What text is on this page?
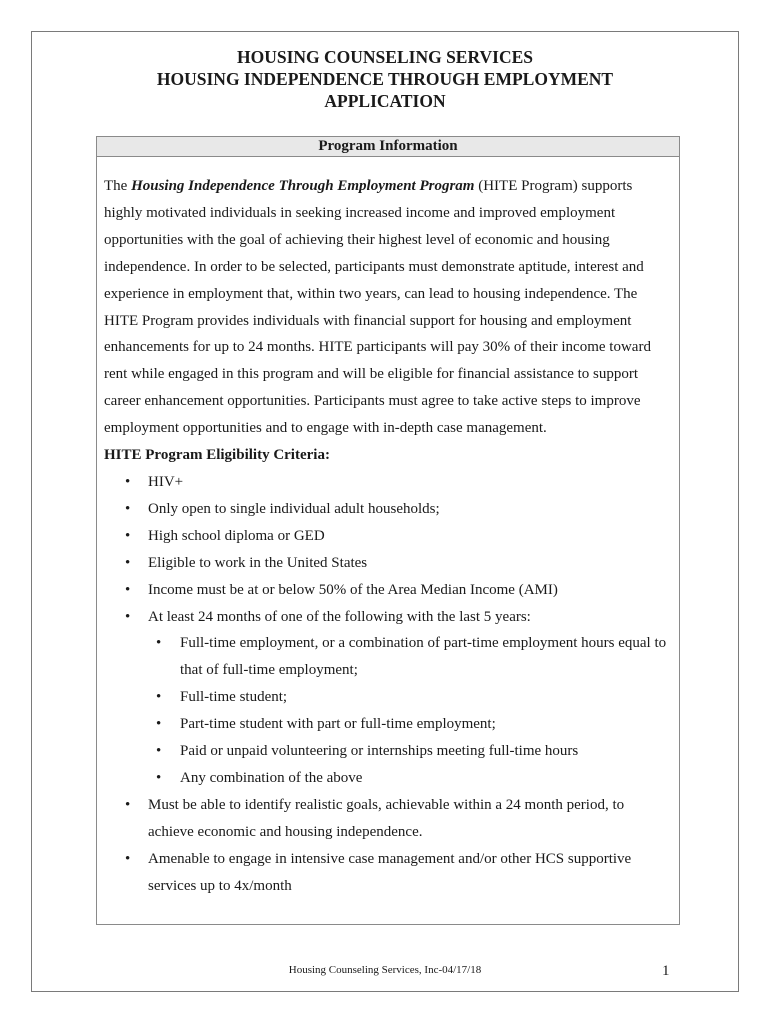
HOUSING COUNSELING SERVICES
HOUSING INDEPENDENCE THROUGH EMPLOYMENT
APPLICATION
Program Information
The Housing Independence Through Employment Program (HITE Program) supports
highly motivated individuals in seeking increased income and improved employment
opportunities with the goal of achieving their highest level of economic and housing
independence. In order to be selected, participants must demonstrate aptitude, interest and
experience in employment that, within two years, can lead to housing independence. The
HITE Program provides individuals with financial support for housing and employment
enhancements for up to 24 months. HITE participants will pay 30% of their income toward
rent while engaged in this program and will be eligible for financial assistance to support
career enhancement opportunities. Participants must agree to take active steps to improve
employment opportunities and to engage with in-depth case management.
HITE Program Eligibility Criteria:
• HIV+
• Only open to single individual adult households;
• High school diploma or GED
• Eligible to work in the United States
• Income must be at or below 50% of the Area Median Income (AMI)
• At least 24 months of one of the following with the last 5 years:
• Full-time employment, or a combination of part-time employment hours equal to
that of full-time employment;
• Full-time student;
• Part-time student with part or full-time employment;
• Paid or unpaid volunteering or internships meeting full-time hours
• Any combination of the above
• Must be able to identify realistic goals, achievable within a 24 month period, to
achieve economic and housing independence.
• Amenable to engage in intensive case management and/or other HCS supportive
services up to 4x/month
Housing Counseling Services, Inc-04/17/18	1
